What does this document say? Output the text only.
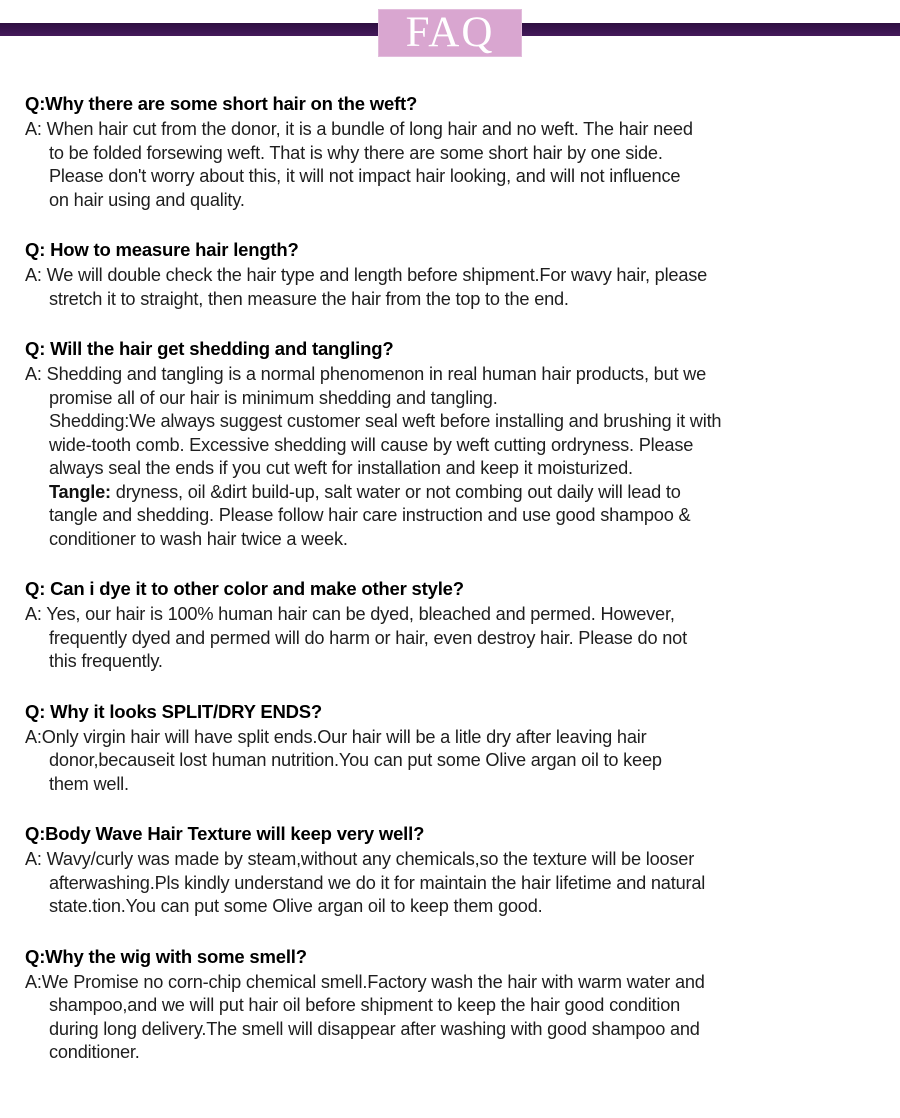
FAQ
Q:Why there are some short hair on the weft?
A: When hair cut from the donor, it is a bundle of long hair and no weft. The hair need
to be folded forsewing weft. That is why there are some short hair by one side.
Please don't worry about this, it will not impact hair looking, and will not influence
on hair using and quality.
Q: How to measure hair length?
A: We will double check the hair type and length before shipment.For wavy hair, please
stretch it to straight, then measure the hair from the top to the end.
Q: Will the hair get shedding and tangling?
A: Shedding and tangling is a normal phenomenon in real human hair products, but we
promise all of our hair is minimum shedding and tangling.
Shedding:We always suggest customer seal weft before installing and brushing it with
wide-tooth comb. Excessive shedding will cause by weft cutting ordryness. Please
always seal the ends if you cut weft for installation and keep it moisturized.
Tangle: dryness, oil &dirt build-up, salt water or not combing out daily will lead to
tangle and shedding. Please follow hair care instruction and use good shampoo &
conditioner to wash hair twice a week.
Q: Can i dye it to other color and make other style?
A: Yes, our hair is 100% human hair can be dyed, bleached and permed. However,
frequently dyed and permed will do harm or hair, even destroy hair. Please do not
this frequently.
Q: Why it looks SPLIT/DRY ENDS?
A:Only virgin hair will have split ends.Our hair will be a litle dry after leaving hair
donor,becauseit lost human nutrition.You can put some Olive argan oil to keep
them well.
Q:Body Wave Hair Texture will keep very well?
A: Wavy/curly was made by steam,without any chemicals,so the texture will be looser
afterwashing.Pls kindly understand we do it for maintain the hair lifetime and natural
state.tion.You can put some Olive argan oil to keep them good.
Q:Why the wig with some smell?
A:We Promise no corn-chip chemical smell.Factory wash the hair with warm water and
shampoo,and we will put hair oil before shipment to keep the hair good condition
during long delivery.The smell will disappear after washing with good shampoo and
conditioner.
